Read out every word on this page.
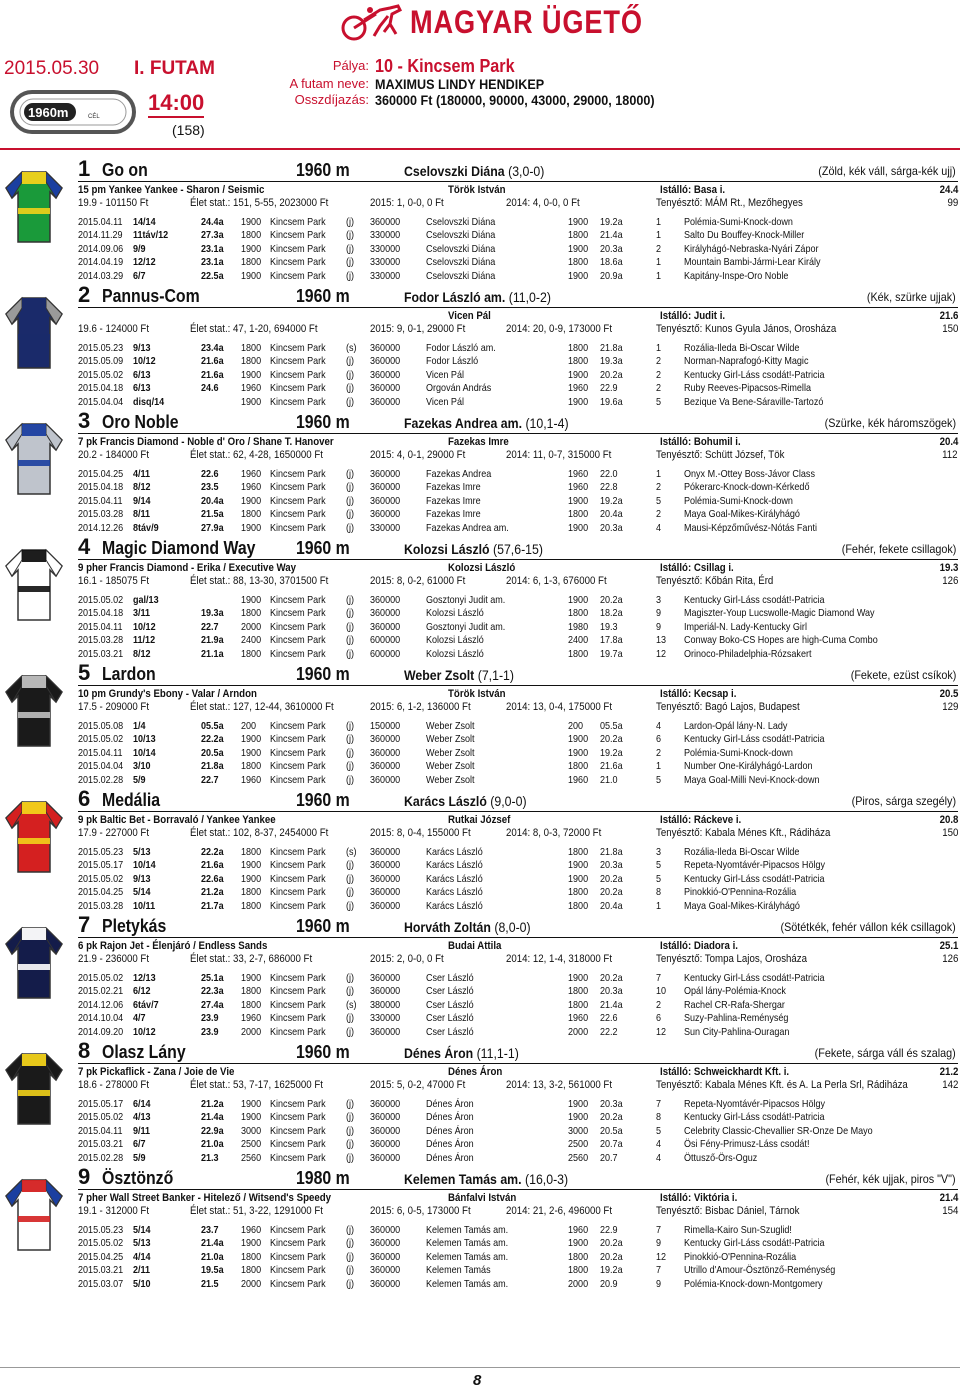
MAGYAR ÜGETŐ
2015.05.30 I. FUTAM
1960m	CÉL
14:00
(158)
Pálya: 10 - Kincsem Park
A futam neve: MAXIMUS LINDY HENDIKEP
Osszdíjazás: 360000 Ft (180000, 90000, 43000, 29000, 18000)
1 Go on	1960 m	Cselovszki Diána (3,0-0)	(Zöld, kék váll, sárga-kék ujj)
15 pm Yankee Yankee - Sharon / Seismic	Török István	Istálló: Basa i.	24.4
19.9 - 101150 Ft	Élet stat.: 151, 5-55, 2023000 Ft	2015: 1, 0-0, 0 Ft	2014: 4, 0-0, 0 Ft	Tenyésztő: MÁM Rt., Mezőhegyes	99
2015.04.11 14/14	24.4a 1900 Kincsem Park (j) 360000 Cselovszki Diána	1900 19.2a	1 Polémia-Sumi-Knock-down
2014.11.29 11táv/12	27.3a 1800 Kincsem Park (j) 330000 Cselovszki Diána	1800 21.4a	1 Salto Du Bouffey-Knock-Miller
2014.09.06 9/9	23.1a 1900 Kincsem Park (j) 330000 Cselovszki Diána	1900 20.3a	2 Királyhágó-Nebraska-Nyári Zápor
2014.04.19 12/12	23.1a 1800 Kincsem Park (j) 330000 Cselovszki Diána	1800 18.6a	1 Mountain Bambi-Jármi-Lear Király
2014.03.29 6/7	22.5a 1900 Kincsem Park (j) 330000 Cselovszki Diána	1900 20.9a	1 Kapitány-Inspe-Oro Noble
2 Pannus-Com	1960 m	Fodor László am. (11,0-2)	(Kék, szürke ujjak)
Vicen Pál	Istálló: Judit i.	21.6
19.6 - 124000 Ft	Élet stat.: 47, 1-20, 694000 Ft	2015: 9, 0-1, 29000 Ft	2014: 20, 0-9, 173000 Ft	Tenyésztő: Kunos Gyula János, Orosháza	150
2015.05.23 9/13	23.4a 1800 Kincsem Park (s) 360000 Fodor László am.	1800 21.8a	1 Rozália-Ileda Bi-Oscar Wilde
2015.05.09 10/12	21.6a 1800 Kincsem Park (j) 360000 Fodor László	1800 19.3a	2 Norman-Naprafogó-Kitty Magic
2015.05.02 6/13	21.6a 1900 Kincsem Park (j) 360000 Vicen Pál	1900 20.2a	2 Kentucky Girl-Láss csodát!-Patricia
2015.04.18 6/13	24.6 1960 Kincsem Park (j) 360000 Orgován András	1960 22.9	2 Ruby Reeves-Pipacsos-Rimella
2015.04.04 disq/14	1900 Kincsem Park (j) 360000 Vicen Pál	1900 19.6a	5 Bezique Va Bene-Sáraville-Tartozó
3 Oro Noble	1960 m	Fazekas Andrea am. (10,1-4)	(Szürke, kék háromszögek)
7 pk Francis Diamond - Noble d' Oro / Shane T. Hanover	Fazekas Imre	Istálló: Bohumil i.	20.4
20.2 - 184000 Ft	Élet stat.: 62, 4-28, 1650000 Ft	2015: 4, 0-1, 29000 Ft	2014: 11, 0-7, 315000 Ft	Tenyésztő: Schütt József, Tök	112
2015.04.25 4/11	22.6 1960 Kincsem Park (j) 360000 Fazekas Andrea	1960 22.0	1 Onyx M.-Ottey Boss-Jávor Class
2015.04.18 8/12	23.5 1960 Kincsem Park (j) 360000 Fazekas Imre	1960 22.8	2 Pókerarc-Knock-down-Kérkedő
2015.04.11 9/14	20.4a 1900 Kincsem Park (j) 360000 Fazekas Imre	1900 19.2a	5 Polémia-Sumi-Knock-down
2015.03.28 8/11	21.5a 1800 Kincsem Park (j) 360000 Fazekas Imre	1800 20.4a	2 Maya Goal-Mikes-Királyhágó
2014.12.26 8táv/9	27.9a 1900 Kincsem Park (j) 330000 Fazekas Andrea am.	1900 20.3a	4 Mausi-Képzőművész-Nótás Fanti
4 Magic Diamond Way 1960 m	Kolozsi László (57,6-15)	(Fehér, fekete csillagok)
9 pher Francis Diamond - Erika / Executive Way	Kolozsi László	Istálló: Csillag i.	19.3
16.1 - 185075 Ft	Élet stat.: 88, 13-30, 3701500 Ft	2015: 8, 0-2, 61000 Ft	2014: 6, 1-3, 676000 Ft	Tenyésztő: Kőbán Rita, Érd	126
2015.05.02 gal/13	1900 Kincsem Park (j) 360000 Gosztonyi Judit am.	1900 20.2a	3 Kentucky Girl-Láss csodát!-Patricia
2015.04.18 3/11	19.3a 1800 Kincsem Park (j) 360000 Kolozsi László	1800 18.2a	9 Magiszter-Youp Lucswolle-Magic Diamond Way
2015.04.11 10/12	22.7 2000 Kincsem Park (j) 360000 Gosztonyi Judit am.	1980 19.3	9 Imperiál-N. Lady-Kentucky Girl
2015.03.28 11/12	21.9a 2400 Kincsem Park (j) 600000 Kolozsi László	2400 17.8a	13 Conway Boko-CS Hopes are high-Cuma Combo
2015.03.21 8/12	21.1a 1800 Kincsem Park (j) 600000 Kolozsi László	1800 19.7a	12 Orinoco-Philadelphia-Rózsakert
5 Lardon	1960 m	Weber Zsolt (7,1-1)	(Fekete, ezüst csíkok)
10 pm Grundy's Ebony - Valar / Arndon	Török István	Istálló: Kecsap i.	20.5
17.5 - 209000 Ft	Élet stat.: 127, 12-44, 3610000 Ft	2015: 6, 1-2, 136000 Ft	2014: 13, 0-4, 175000 Ft	Tenyésztő: Bagó Lajos, Budapest	129
2015.05.08 1/4	05.5a 200 Kincsem Park (j) 150000 Weber Zsolt	200 05.5a	4 Lardon-Opál lány-N. Lady
2015.05.02 10/13	22.2a 1900 Kincsem Park (j) 360000 Weber Zsolt	1900 20.2a	6 Kentucky Girl-Láss csodát!-Patricia
2015.04.11 10/14	20.5a 1900 Kincsem Park (j) 360000 Weber Zsolt	1900 19.2a	2 Polémia-Sumi-Knock-down
2015.04.04 3/10	21.8a 1800 Kincsem Park (j) 360000 Weber Zsolt	1800 21.6a	1 Number One-Királyhágó-Lardon
2015.02.28 5/9	22.7 1960 Kincsem Park (j) 360000 Weber Zsolt	1960 21.0	5 Maya Goal-Milli Nevi-Knock-down
6 Medália	1960 m	Karács László (9,0-0)	(Piros, sárga szegély)
9 pk Baltic Bet - Borravaló / Yankee Yankee	Rutkai József	Istálló: Ráckeve i.	20.8
17.9 - 227000 Ft	Élet stat.: 102, 8-37, 2454000 Ft	2015: 8, 0-4, 155000 Ft	2014: 8, 0-3, 72000 Ft	Tenyésztő: Kabala Ménes Kft., Rádiháza	150
2015.05.23 5/13	22.2a 1800 Kincsem Park (s) 360000 Karács László	1800 21.8a	3 Rozália-Ileda Bi-Oscar Wilde
2015.05.17 10/14	21.6a 1900 Kincsem Park (j) 360000 Karács László	1900 20.3a	5 Repeta-Nyomtávér-Pipacsos Hölgy
2015.05.02 9/13	22.6a 1900 Kincsem Park (j) 360000 Karács László	1900 20.2a	5 Kentucky Girl-Láss csodát!-Patricia
2015.04.25 5/14	21.2a 1800 Kincsem Park (j) 360000 Karács László	1800 20.2a	8 Pinokkió-O'Pennina-Rozália
2015.03.28 10/11	21.7a 1800 Kincsem Park (j) 360000 Karács László	1800 20.4a	1 Maya Goal-Mikes-Királyhágó
7 Pletykás	1960 m	Horváth Zoltán (8,0-0)	(Sötétkék, fehér vállon kék csillagok)
6 pk Rajon Jet - Élenjáró / Endless Sands	Budai Attila	Istálló: Diadora i.	25.1
21.9 - 236000 Ft	Élet stat.: 33, 2-7, 686000 Ft	2015: 2, 0-0, 0 Ft	2014: 12, 1-4, 318000 Ft	Tenyésztő: Tompa Lajos, Orosháza	126
2015.05.02 12/13	25.1a 1900 Kincsem Park (j) 360000 Cser László	1900 20.2a	7 Kentucky Girl-Láss csodát!-Patricia
2015.02.21 6/12	22.3a 1800 Kincsem Park (j) 360000 Cser László	1800 20.3a	10 Opál lány-Polémia-Knock
2014.12.06 6táv/7	27.4a 1800 Kincsem Park (s) 380000 Cser László	1800 21.4a	2 Rachel CR-Rafa-Shergar
2014.10.04 4/7	23.9 1960 Kincsem Park (j) 330000 Cser László	1960 22.6	6 Suzy-Pahlina-Reménység
2014.09.20 10/12	23.9 2000 Kincsem Park (j) 360000 Cser László	2000 22.2	12 Sun City-Pahlina-Ouragan
8 Olasz Lány	1960 m	Dénes Áron (11,1-1)	(Fekete, sárga váll és szalag)
7 pk Pickaflick - Zana / Joie de Vie	Dénes Áron	Istálló: Schweickhardt Kft. i.	21.2
18.6 - 278000 Ft	Élet stat.: 53, 7-17, 1625000 Ft	2015: 5, 0-2, 47000 Ft	2014: 13, 3-2, 561000 Ft	Tenyésztő: Kabala Ménes Kft. és A. La Perla Srl, Rádiháza	142
2015.05.17 6/14	21.2a 1900 Kincsem Park (j) 360000 Dénes Áron	1900 20.3a	7 Repeta-Nyomtávér-Pipacsos Hölgy
2015.05.02 4/13	21.4a 1900 Kincsem Park (j) 360000 Dénes Áron	1900 20.2a	8 Kentucky Girl-Láss csodát!-Patricia
2015.04.11 9/11	22.9a 3000 Kincsem Park (j) 360000 Dénes Áron	3000 20.5a	5 Celebrity Classic-Chevallier SR-Onze De Mayo
2015.03.21 6/7	21.0a 2500 Kincsem Park (j) 360000 Dénes Áron	2500 20.7a	4 Ösi Fény-Primusz-Láss csodát!
2015.02.28 5/9	21.3 2560 Kincsem Park (j) 360000 Dénes Áron	2560 20.7	4 Öttusző-Örs-Oguz
9 Ösztönző	1980 m	Kelemen Tamás am. (16,0-3)	(Fehér, kék ujjak, piros "V")
7 pher Wall Street Banker - Hitelező / Witsend's Speedy	Bánfalvi István	Istálló: Viktória i.	21.4
19.1 - 312000 Ft	Élet stat.: 51, 3-22, 1291000 Ft	2015: 6, 0-5, 173000 Ft	2014: 21, 2-6, 496000 Ft	Tenyésztő: Bisbac Dániel, Tárnok	154
2015.05.23 5/14	23.7 1960 Kincsem Park (j) 360000 Kelemen Tamás am.	1960 22.9	7 Rimella-Kairo Sun-Szuglid!
2015.05.02 5/13	21.4a 1900 Kincsem Park (j) 360000 Kelemen Tamás am.	1900 20.2a	9 Kentucky Girl-Láss csodát!-Patricia
2015.04.25 4/14	21.0a 1800 Kincsem Park (j) 360000 Kelemen Tamás am.	1800 20.2a	12 Pinokkió-O'Pennina-Rozália
2015.03.21 2/11	19.5a 1800 Kincsem Park (j) 360000 Kelemen Tamás	1800 19.2a	7 Utrillo d'Amour-Ösztönző-Reménység
2015.03.07 5/10	21.5 2000 Kincsem Park (j) 360000 Kelemen Tamás am.	2000 20.9	9 Polémia-Knock-down-Montgomery
8
